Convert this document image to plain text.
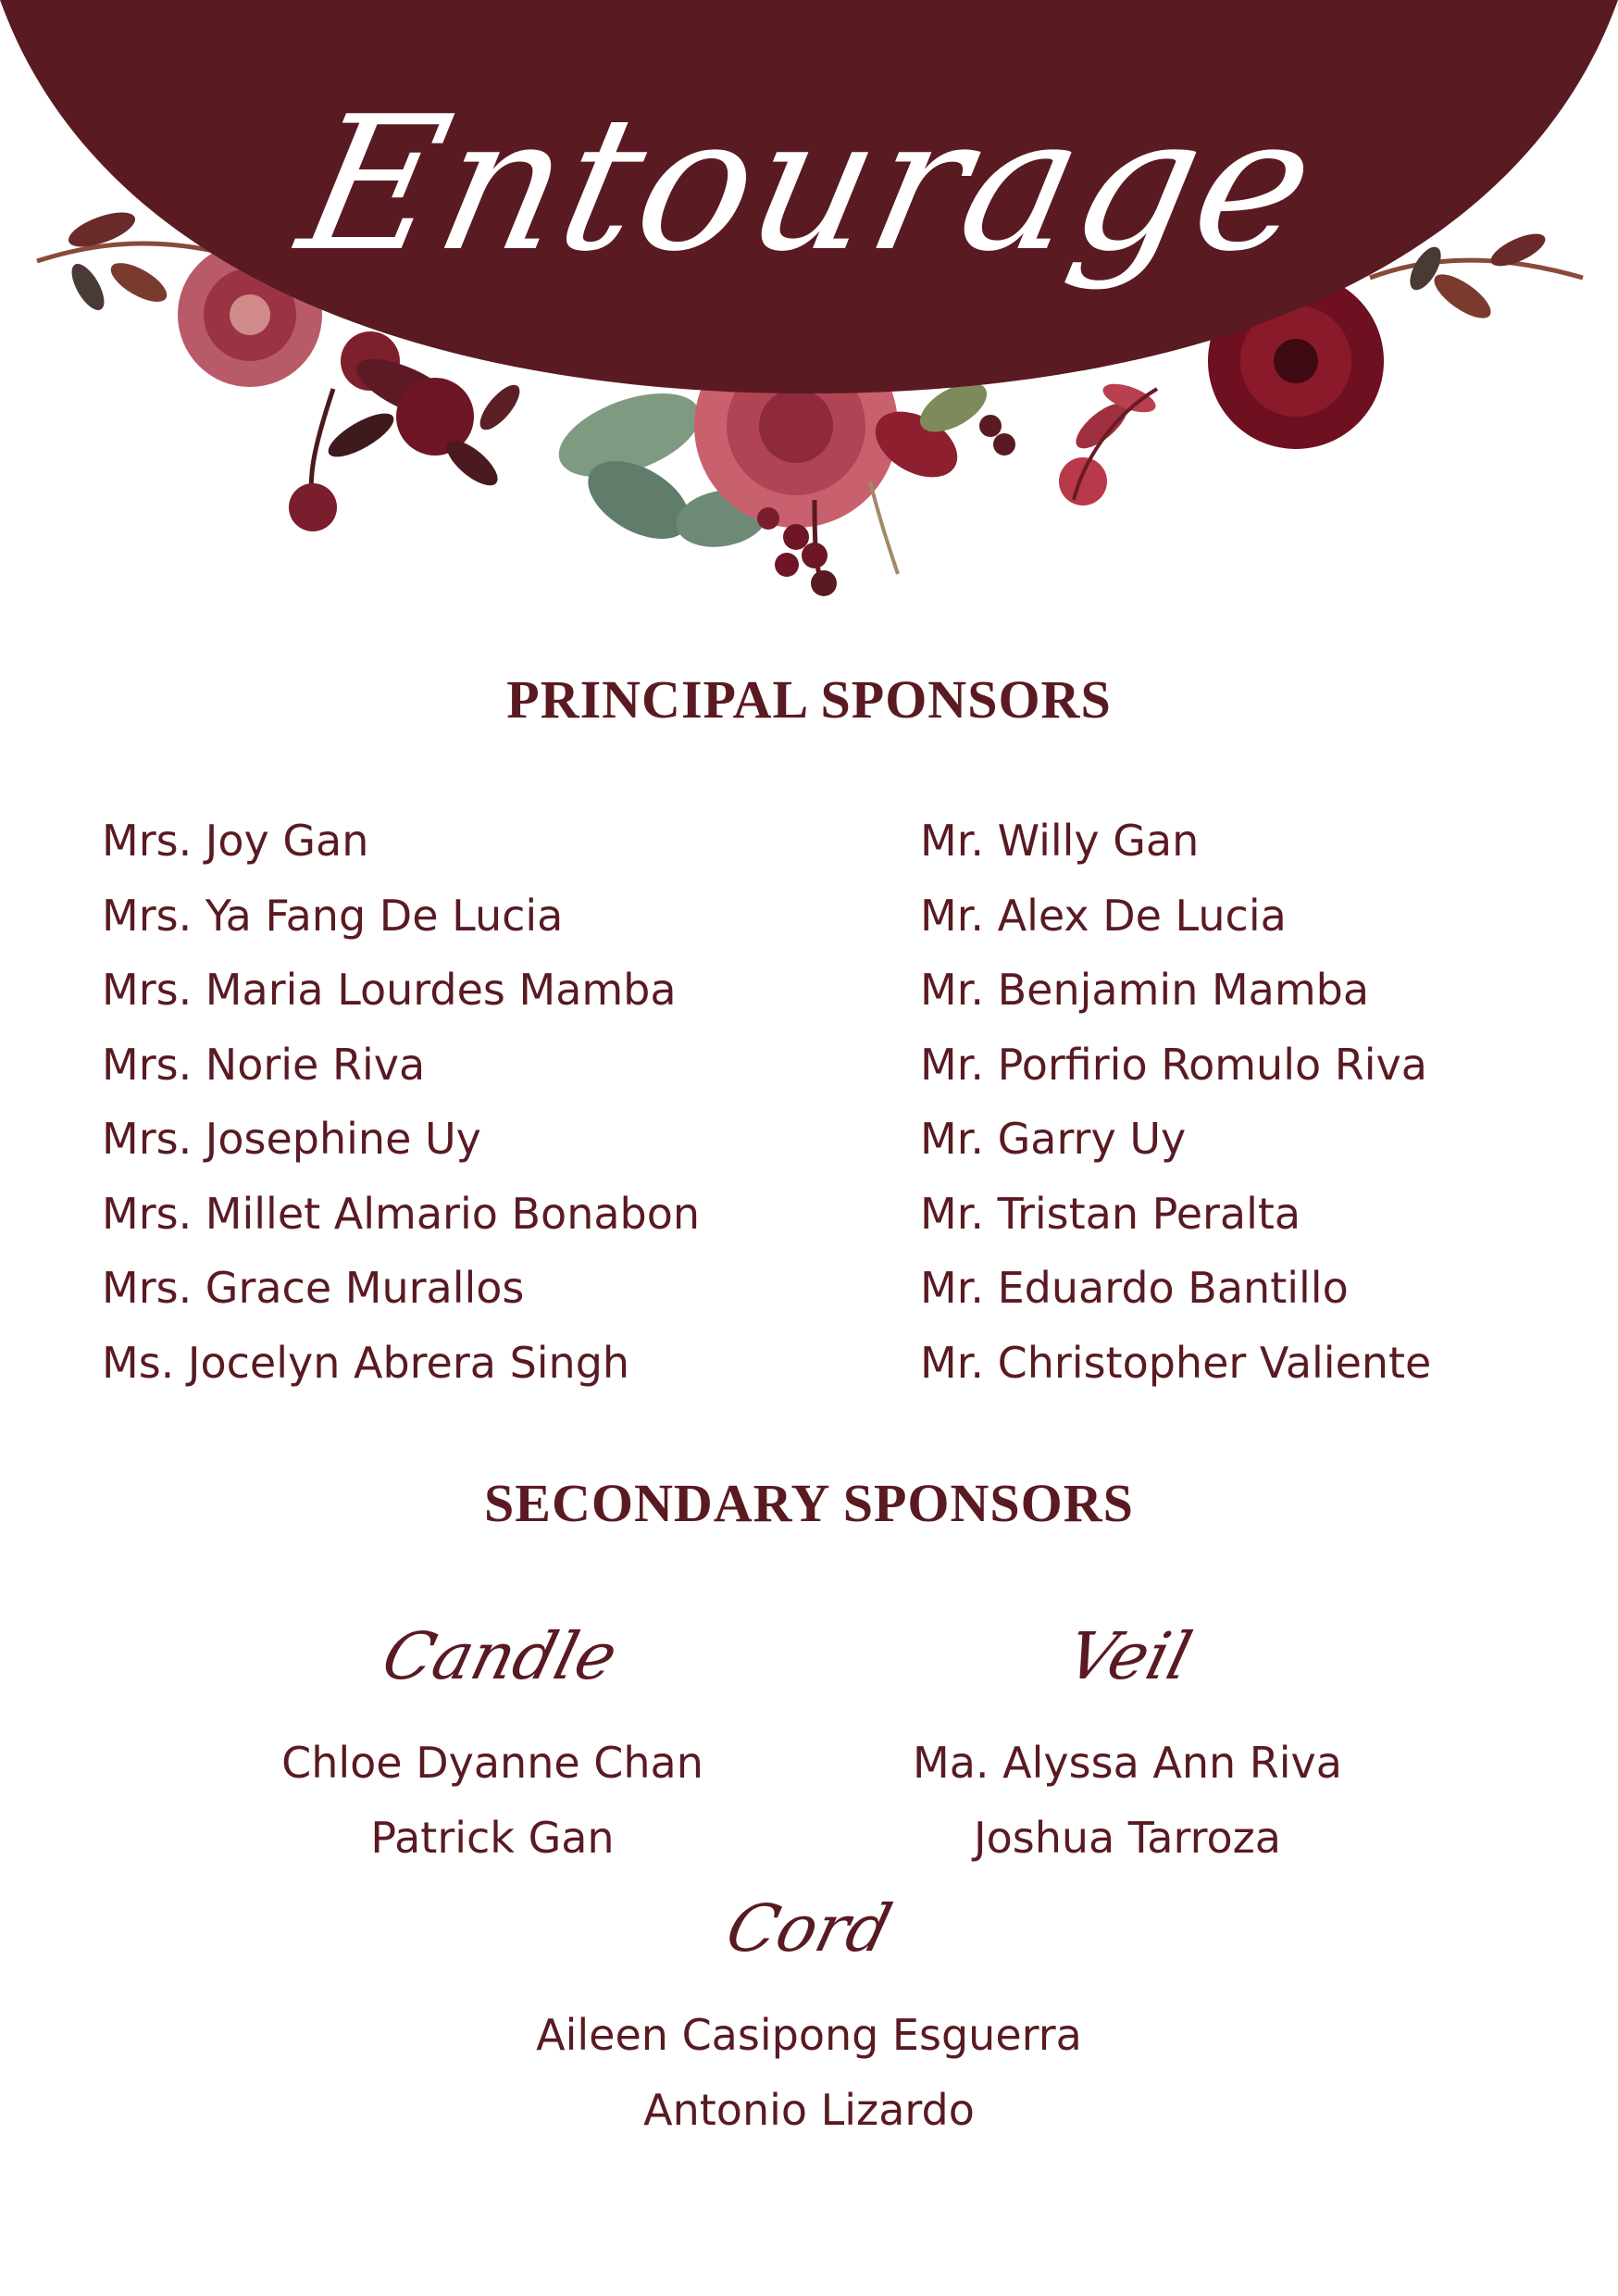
Entourage
PRINCIPAL SPONSORS
Mrs. Joy Gan
Mrs. Ya Fang De Lucia
Mrs. Maria Lourdes Mamba
Mrs. Norie Riva
Mrs. Josephine Uy
Mrs. Millet Almario Bonabon
Mrs. Grace Murallos
Ms. Jocelyn Abrera Singh
Mr. Willy Gan
Mr. Alex De Lucia
Mr. Benjamin Mamba
Mr. Porfirio Romulo Riva
Mr. Garry Uy
Mr. Tristan Peralta
Mr. Eduardo Bantillo
Mr. Christopher Valiente
SECONDARY SPONSORS
Candle
Chloe Dyanne Chan
Patrick Gan
Veil
Ma. Alyssa Ann Riva
Joshua Tarroza
Cord
Aileen Casipong Esguerra
Antonio Lizardo
